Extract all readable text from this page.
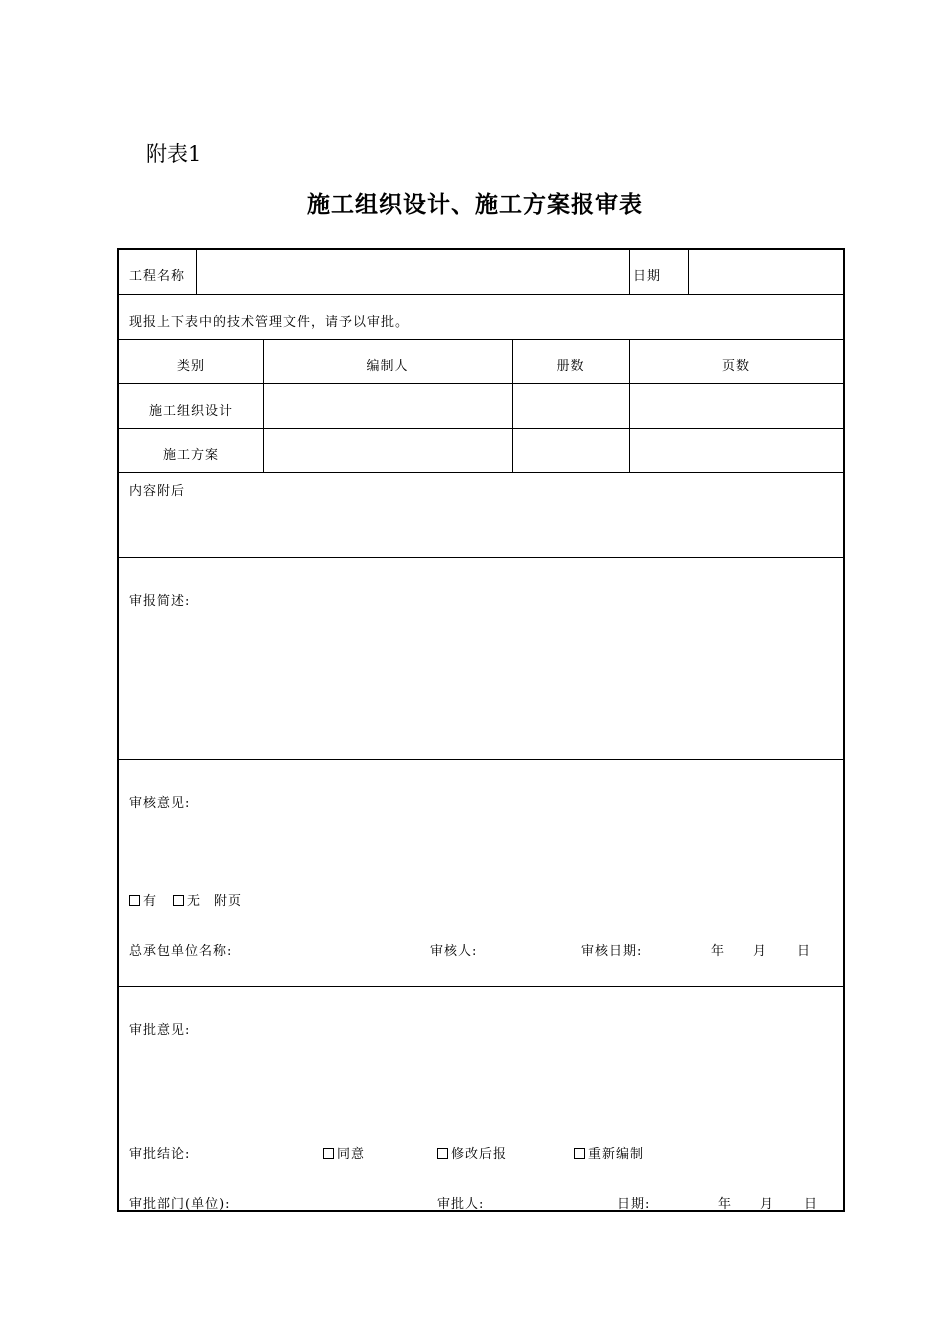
附表1
施工组织设计、施工方案报审表
工程名称	日期
现报上下表中的技术管理文件，请予以审批。
类别	编制人	册数	页数
施工组织设计
施工方案
内容附后
审报简述:
审核意见:
有	无 附页
总承包单位名称:	审核人:	审核日期:	年 月 日
审批意见:
审批结论:	同意	修改后报	重新编制
审批部门(单位):	审批人:	日期:	年 月 日
